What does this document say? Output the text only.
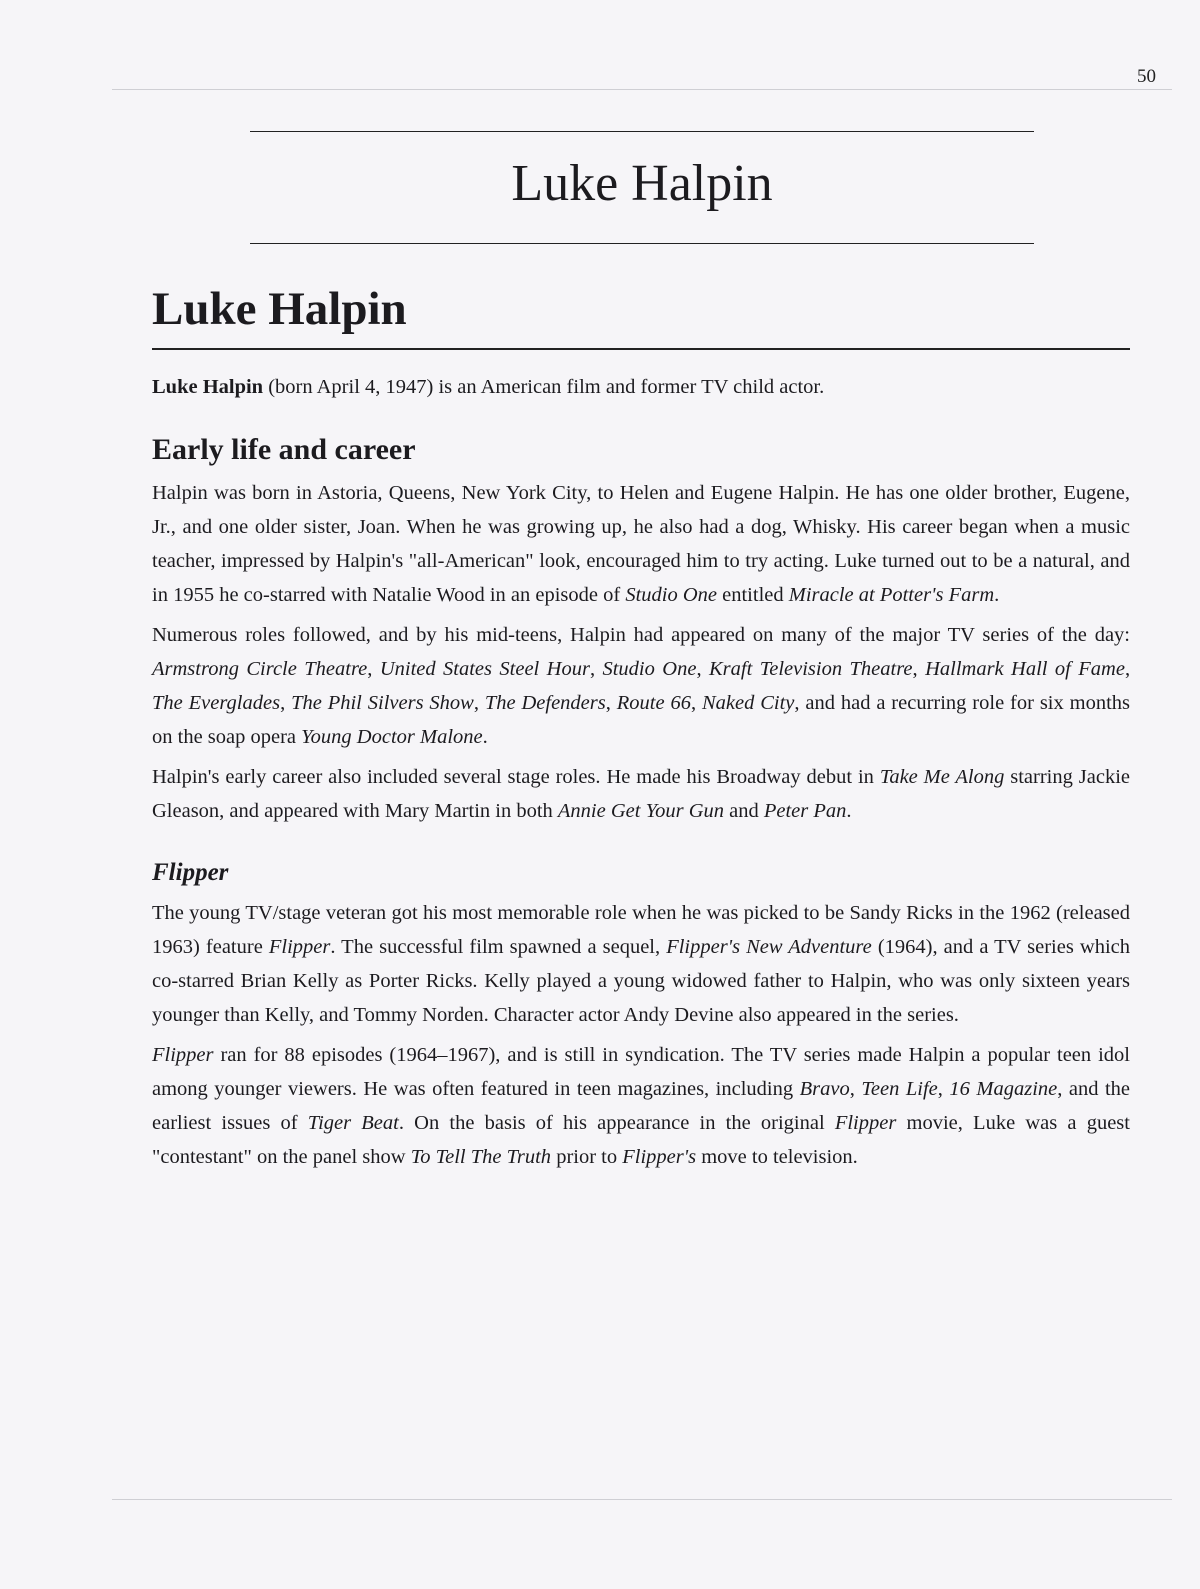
50
Luke Halpin
Luke Halpin

Luke Halpin (born April 4, 1947) is an American film and former TV child actor.

Early life and career

Halpin was born in Astoria, Queens, New York City, to Helen and Eugene Halpin. He has one older brother, Eugene, Jr., and one older sister, Joan. When he was growing up, he also had a dog, Whisky. His career began when a music teacher, impressed by Halpin's "all-American" look, encouraged him to try acting. Luke turned out to be a natural, and in 1955 he co-starred with Natalie Wood in an episode of Studio One entitled Miracle at Potter's Farm.

Numerous roles followed, and by his mid-teens, Halpin had appeared on many of the major TV series of the day: Armstrong Circle Theatre, United States Steel Hour, Studio One, Kraft Television Theatre, Hallmark Hall of Fame, The Everglades, The Phil Silvers Show, The Defenders, Route 66, Naked City, and had a recurring role for six months on the soap opera Young Doctor Malone.

Halpin's early career also included several stage roles. He made his Broadway debut in Take Me Along starring Jackie Gleason, and appeared with Mary Martin in both Annie Get Your Gun and Peter Pan.

Flipper

The young TV/stage veteran got his most memorable role when he was picked to be Sandy Ricks in the 1962 (released 1963) feature Flipper. The successful film spawned a sequel, Flipper's New Adventure (1964), and a TV series which co-starred Brian Kelly as Porter Ricks. Kelly played a young widowed father to Halpin, who was only sixteen years younger than Kelly, and Tommy Norden. Character actor Andy Devine also appeared in the series.

Flipper ran for 88 episodes (1964–1967), and is still in syndication. The TV series made Halpin a popular teen idol among younger viewers. He was often featured in teen magazines, including Bravo, Teen Life, 16 Magazine, and the earliest issues of Tiger Beat. On the basis of his appearance in the original Flipper movie, Luke was a guest "contestant" on the panel show To Tell The Truth prior to Flipper's move to television.
